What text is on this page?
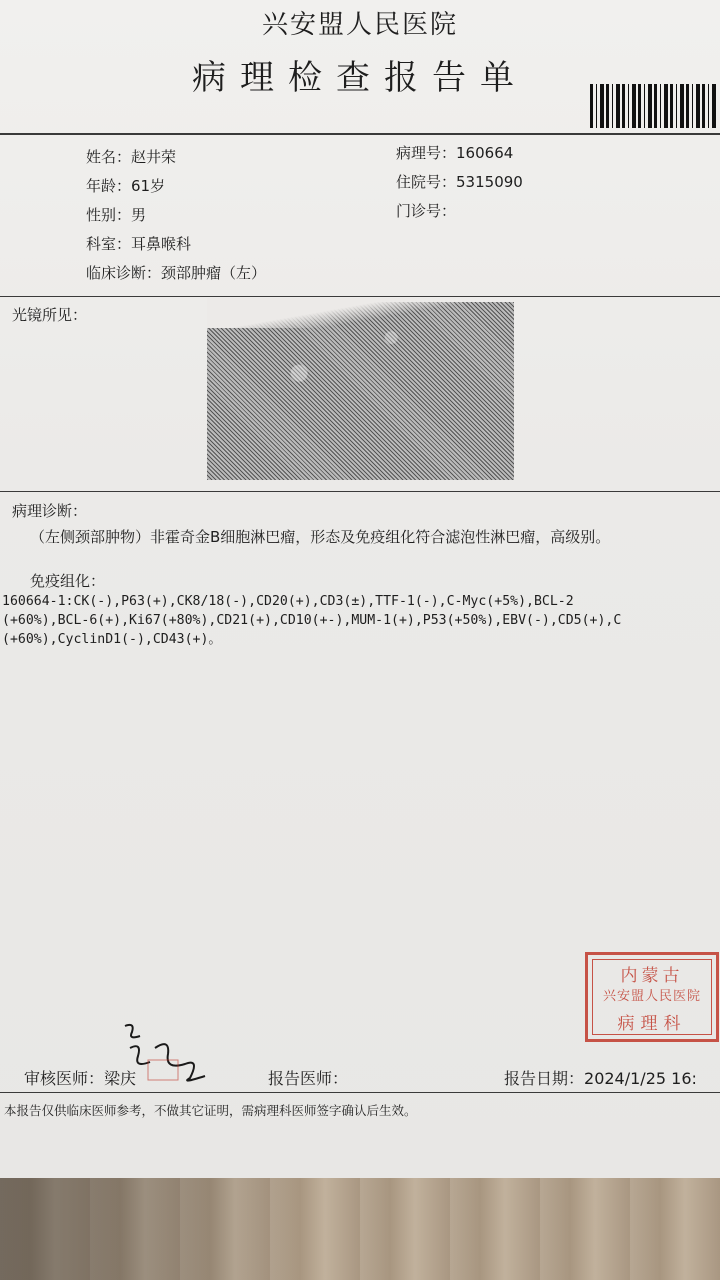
兴安盟人民医院
病理检查报告单
姓名：赵井荣
年龄：61岁
性别：男
科室：耳鼻喉科
临床诊断：颈部肿瘤（左）
病理号：160664
住院号：5315090
门诊号：
光镜所见：
病理诊断：
（左侧颈部肿物）非霍奇金B细胞淋巴瘤，形态及免疫组化符合滤泡性淋巴瘤，高级别。
免疫组化：
160664-1:CK(-),P63(+),CK8/18(-),CD20(+),CD3(±),TTF-1(-),C-Myc(+5%),BCL-2
(+60%),BCL-6(+),Ki67(+80%),CD21(+),CD10(+-),MUM-1(+),P53(+50%),EBV(-),CD5(+),C
(+60%),CyclinD1(-),CD43(+)。
内蒙古
兴安盟人民医院
病理科
审核医师：梁庆	报告医师：	报告日期：2024/1/25 16:
本报告仅供临床医师参考，不做其它证明，需病理科医师签字确认后生效。
